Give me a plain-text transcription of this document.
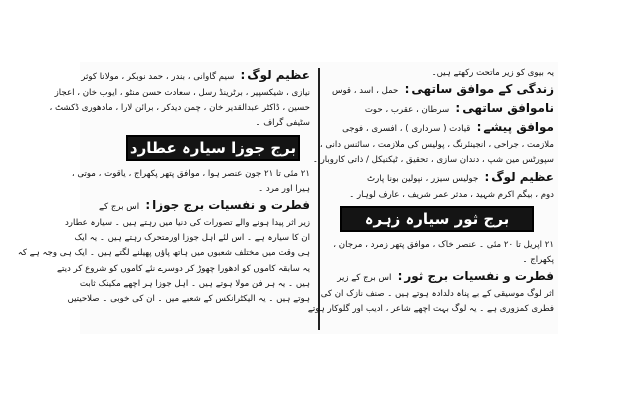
یہ بیوی کو زیر ماتحت رکھتے ہیں۔
زندگی کے موافق ساتھی: حمل ، اسد ، قوس
ناموافق ساتھی: سرطان ، عقرب ، حوت
موافق پیشے: قیادت ( سرداری ) ، افسری ، فوجی
ملازمت ، جراحی ، انجینئرنگ ، پولیس کی ملازمت ، سائنس دانی ،
سپورٹس مین شپ ، دندان سازی ، تحقیق ، ٹیکنیکل / ذاتی کاروبار ۔
عظیم لوگ: جولیس سیزر ، نپولین بونا پارٹ
دوم ، بیگم اکرم شہید ، مدثر عمر شریف ، عارف لوہار ۔
برج ثور سیارہ زہرہ
۲۱ اپریل تا ۲۰ مئی ۔ عنصر خاک ، موافق پتھر زمرد ، مرجان ،
پکھراج ۔
فطرت و نفسیات برج ثور: اس برج کے زیر
اثر لوگ موسیقی کے بے پناہ دلدادہ ہوتے ہیں ۔ صنف نازک ان کی
فطری کمزوری ہے ۔ یہ لوگ بہت اچھے شاعر ، ادیب اور گلوکار ہوتے
عظیم لوگ: سیم گاوانی ، بندر ، حمد نوبکر ، مولانا کوثر
نیازی ، شیکسپیر ، برٹرینڈ رسل ، سعادت حسن منٹو ، ایوب خان ، اعجاز
حسین ، ڈاکٹر عبدالقدیر خان ، چمن دیدکر ، برائن لارا ، مادھوری ڈکشٹ ،
سٹیفی گراف ۔
برج جوزا سیارہ عطارد
۲۱ مئی تا ۲۱ جون عنصر ہوا ، موافق پتھر پکھراج ، یاقوت ، موتی ،
ہیرا اور مرد ۔
فطرت و نفسیات برج جوزا: اس برج کے
زیر اثر پیدا ہونے والے تصورات کی دنیا میں رہتے ہیں ۔ سیارہ عطارد
ان کا سیارہ ہے ۔ اس لئے اہل جوزا اورمتحرک رہتے ہیں ۔ یہ ایک
ہی وقت میں مختلف شعبوں میں ہاتھ پاؤں پھیلنے لگتے ہیں ۔ ایک ہی وجہ ہے کہ
یہ سابقہ کاموں کو ادھورا چھوڑ کر دوسرے نئے کاموں کو شروع کر دیتے
ہیں ۔ یہ ہر فن مولا ہوتے ہیں ۔ اہل جوزا ہر اچھے مکینک ثابت
ہوتے ہیں ۔ یہ الیکٹرانکس کے شعبے میں ۔ ان کی خوبی ۔ صلاحیتیں
